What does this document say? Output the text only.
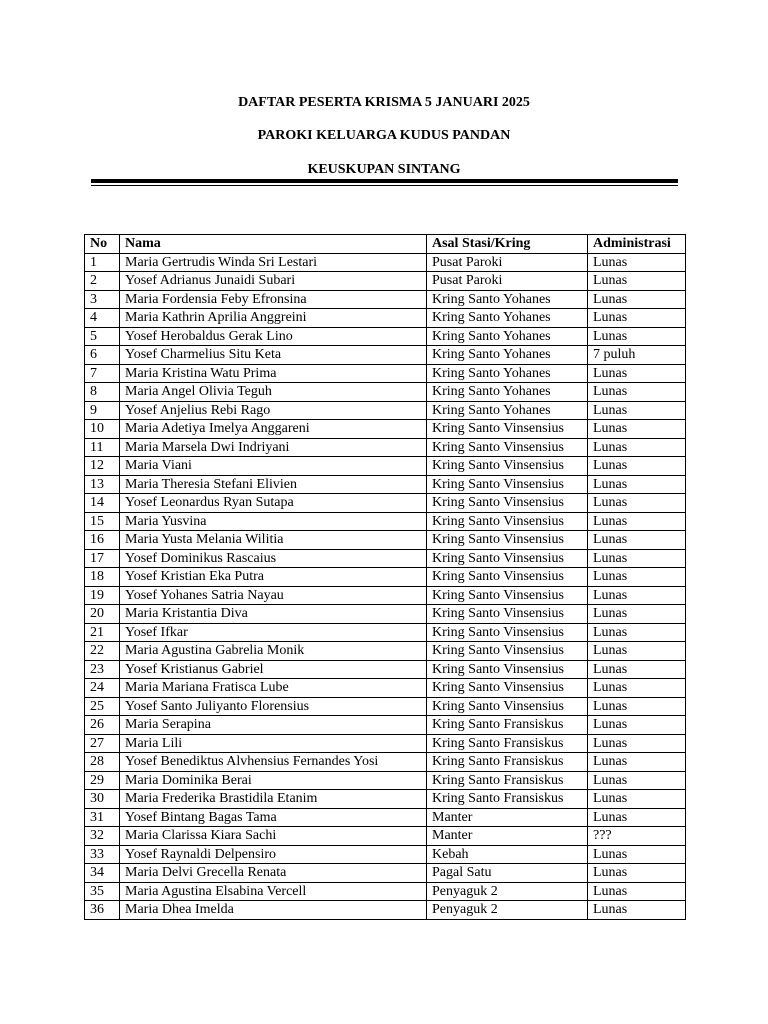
DAFTAR PESERTA KRISMA 5 JANUARI 2025
PAROKI KELUARGA KUDUS PANDAN
KEUSKUPAN SINTANG
No	Nama	Asal Stasi/Kring	Administrasi
1	Maria Gertrudis Winda Sri Lestari	Pusat Paroki	Lunas
2	Yosef Adrianus Junaidi Subari	Pusat Paroki	Lunas
3	Maria Fordensia Feby Efronsina	Kring Santo Yohanes	Lunas
4	Maria Kathrin Aprilia Anggreini	Kring Santo Yohanes	Lunas
5	Yosef Herobaldus Gerak Lino	Kring Santo Yohanes	Lunas
6	Yosef Charmelius Situ Keta	Kring Santo Yohanes	7 puluh
7	Maria Kristina Watu Prima	Kring Santo Yohanes	Lunas
8	Maria Angel Olivia Teguh	Kring Santo Yohanes	Lunas
9	Yosef Anjelius Rebi Rago	Kring Santo Yohanes	Lunas
10	Maria Adetiya Imelya Anggareni	Kring Santo Vinsensius	Lunas
11	Maria Marsela Dwi Indriyani	Kring Santo Vinsensius	Lunas
12	Maria Viani	Kring Santo Vinsensius	Lunas
13	Maria Theresia Stefani Elivien	Kring Santo Vinsensius	Lunas
14	Yosef Leonardus Ryan Sutapa	Kring Santo Vinsensius	Lunas
15	Maria Yusvina	Kring Santo Vinsensius	Lunas
16	Maria Yusta Melania Wilitia	Kring Santo Vinsensius	Lunas
17	Yosef Dominikus Rascaius	Kring Santo Vinsensius	Lunas
18	Yosef Kristian Eka Putra	Kring Santo Vinsensius	Lunas
19	Yosef Yohanes Satria Nayau	Kring Santo Vinsensius	Lunas
20	Maria Kristantia Diva	Kring Santo Vinsensius	Lunas
21	Yosef Ifkar	Kring Santo Vinsensius	Lunas
22	Maria Agustina Gabrelia Monik	Kring Santo Vinsensius	Lunas
23	Yosef Kristianus Gabriel	Kring Santo Vinsensius	Lunas
24	Maria Mariana Fratisca Lube	Kring Santo Vinsensius	Lunas
25	Yosef Santo Juliyanto Florensius	Kring Santo Vinsensius	Lunas
26	Maria Serapina	Kring Santo Fransiskus	Lunas
27	Maria Lili	Kring Santo Fransiskus	Lunas
28	Yosef Benediktus Alvhensius Fernandes Yosi	Kring Santo Fransiskus	Lunas
29	Maria Dominika Berai	Kring Santo Fransiskus	Lunas
30	Maria Frederika Brastidila Etanim	Kring Santo Fransiskus	Lunas
31	Yosef Bintang Bagas Tama	Manter	Lunas
32	Maria Clarissa Kiara Sachi	Manter	???
33	Yosef Raynaldi Delpensiro	Kebah	Lunas
34	Maria Delvi Grecella Renata	Pagal Satu	Lunas
35	Maria Agustina Elsabina Vercell	Penyaguk 2	Lunas
36	Maria Dhea Imelda	Penyaguk 2	Lunas
